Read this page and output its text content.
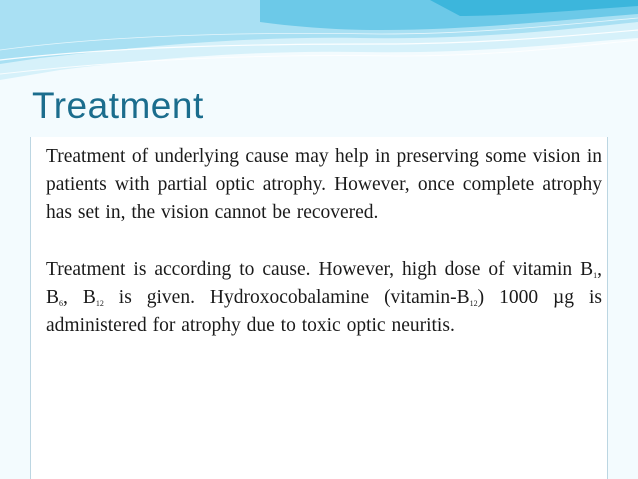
Treatment

Treatment of underlying cause may help in preserving some vision in patients with partial optic atrophy. However, once complete atrophy has set in, the vision cannot be recovered.

Treatment is according to cause. However, high dose of vitamin $B_1$, $B_6$, $B_{12}$ is given. Hydroxocobalamine $(vitamin-B_{12})$ 1000 µg is administered for atrophy due to toxic optic neuritis.
